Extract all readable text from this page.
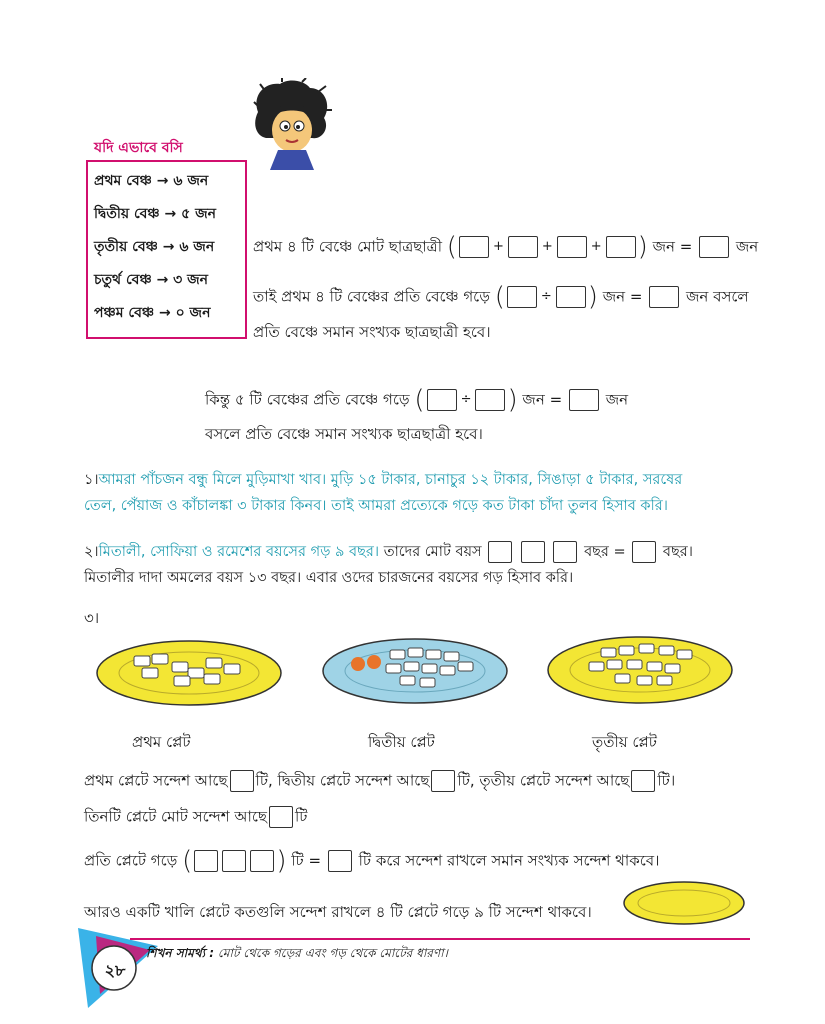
যদি এভাবে বসি
প্রথম বেঞ্চ → ৬ জন
দ্বিতীয় বেঞ্চ → ৫ জন
তৃতীয় বেঞ্চ → ৬ জন
চতুর্থ বেঞ্চ → ৩ জন
পঞ্চম বেঞ্চ → ০ জন
প্রথম ৪ টি বেঞ্চে মোট ছাত্রছাত্রী (	+	+	+ ) জন =	জন
তাই প্রথম ৪ টি বেঞ্চের প্রতি বেঞ্চে গড়ে (	÷ ) জন =	জন বসলে
প্রতি বেঞ্চে সমান সংখ্যক ছাত্রছাত্রী হবে।
কিন্তু ৫ টি বেঞ্চের প্রতি বেঞ্চে গড়ে (	÷ ) জন =	জন
বসলে প্রতি বেঞ্চে সমান সংখ্যক ছাত্রছাত্রী হবে।
১।আমরা পাঁচজন বন্ধু মিলে মুড়িমাখা খাব। মুড়ি ১৫ টাকার, চানাচুর ১২ টাকার, সিঙাড়া ৫ টাকার, সরষের
তেল, পেঁয়াজ ও কাঁচালঙ্কা ৩ টাকার কিনব। তাই আমরা প্রত্যেকে গড়ে কত টাকা চাঁদা তুলব হিসাব করি।
২।মিতালী, সোফিয়া ও রমেশের বয়সের গড় ৯ বছর। তাদের মোট বয়স	বছর =	বছর।
মিতালীর দাদা অমলের বয়স ১৩ বছর। এবার ওদের চারজনের বয়সের গড় হিসাব করি।
৩।
প্রথম প্লেট	দ্বিতীয় প্লেট	তৃতীয় প্লেট
প্রথম প্লেটে সন্দেশ আছে টি, দ্বিতীয় প্লেটে সন্দেশ আছে টি, তৃতীয় প্লেটে সন্দেশ আছে টি।
তিনটি প্লেটে মোট সন্দেশ আছে টি
প্রতি প্লেটে গড়ে (	) টি =	টি করে সন্দেশ রাখলে সমান সংখ্যক সন্দেশ থাকবে।
আরও একটি খালি প্লেটে কতগুলি সন্দেশ রাখলে ৪ টি প্লেটে গড়ে ৯ টি সন্দেশ থাকবে।
২৮
শিখন সামর্থ্য : মোট থেকে গড়ের এবং গড় থেকে মোটের ধারণা।
